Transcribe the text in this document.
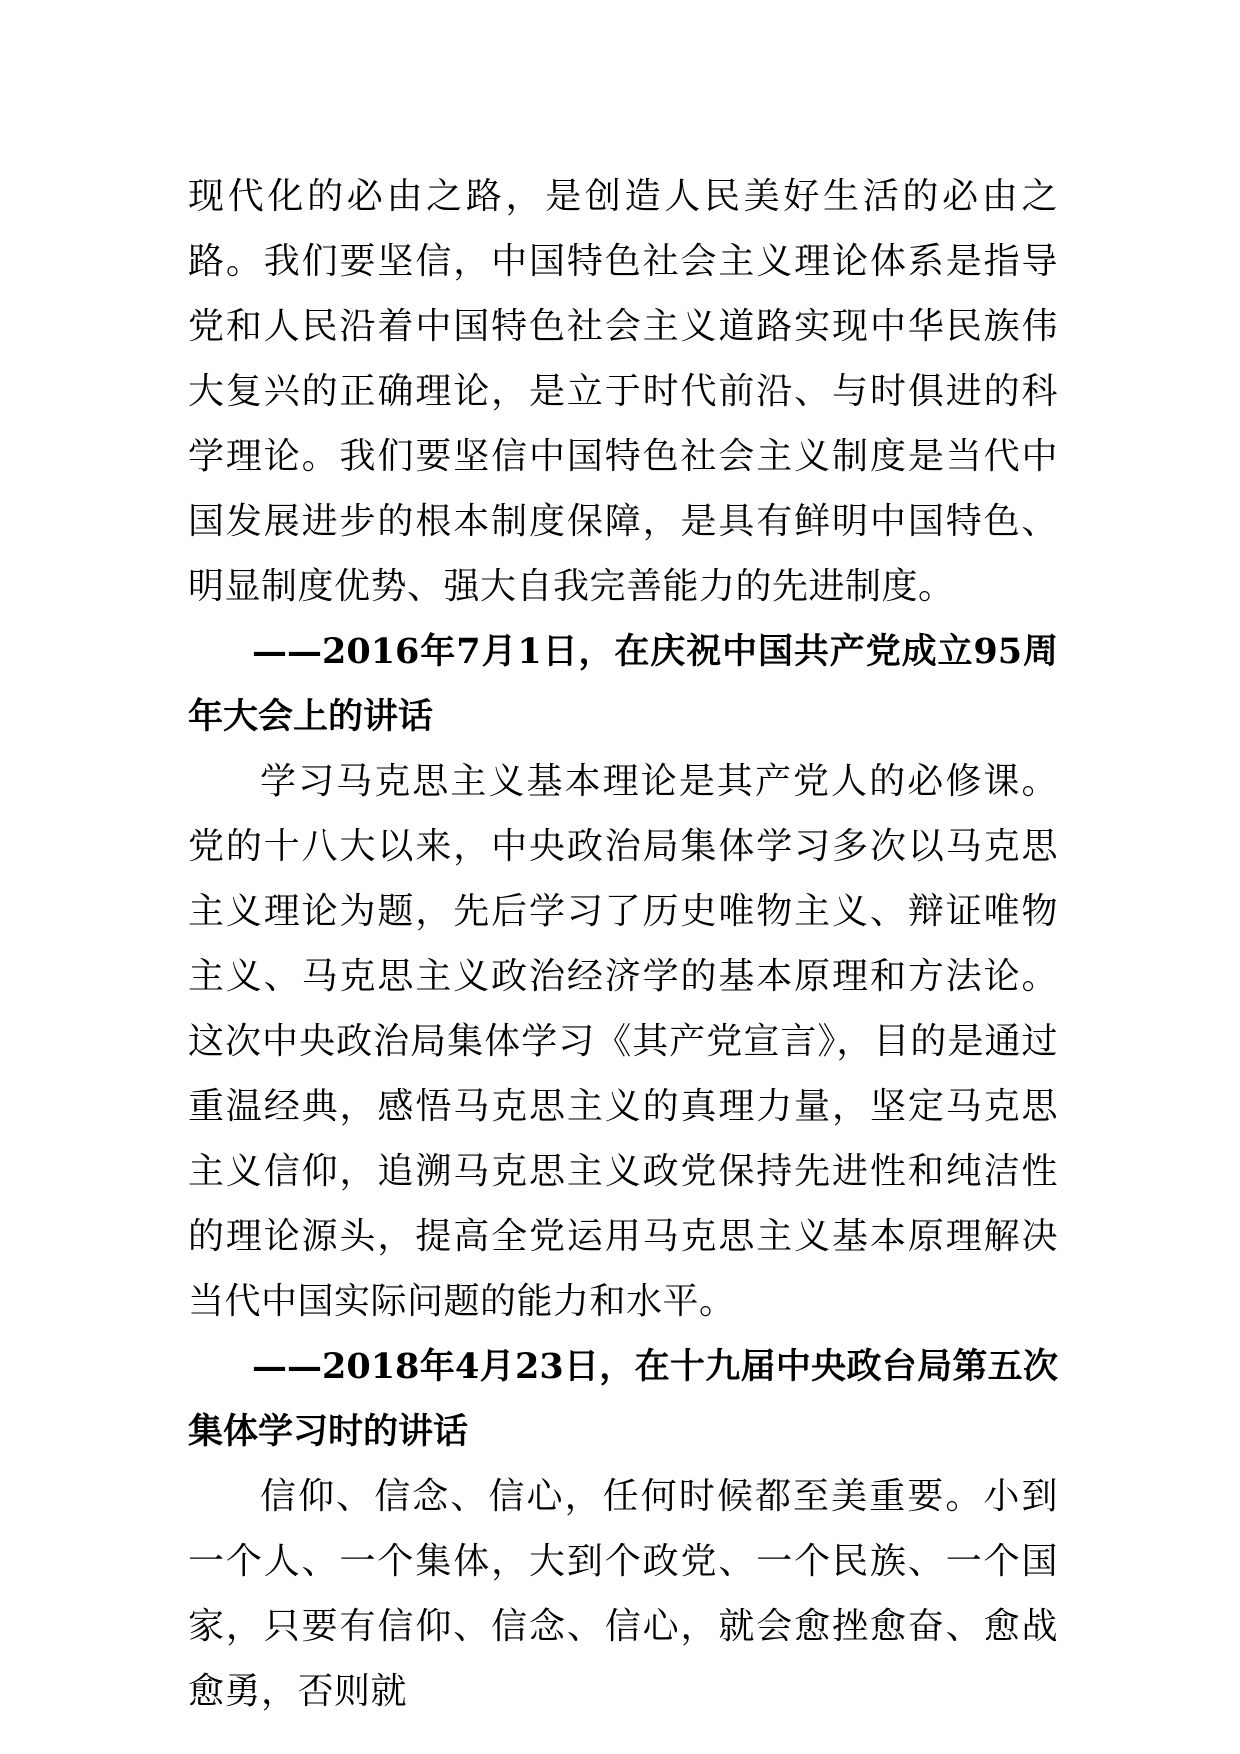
现代化的必由之路，是创造人民美好生活的必由之路。我们要坚信，中国特色社会主义理论体系是指导党和人民沿着中国特色社会主义道路实现中华民族伟大复兴的正确理论，是立于时代前沿、与时俱进的科学理论。我们要坚信中国特色社会主义制度是当代中国发展进步的根本制度保障，是具有鲜明中国特色、明显制度优势、强大自我完善能力的先进制度。

——2016年7月1日，在庆祝中国共产党成立95周年大会上的讲话

学习马克思主义基本理论是其产党人的必修课。党的十八大以来，中央政治局集体学习多次以马克思主义理论为题，先后学习了历史唯物主义、辩证唯物主义、马克思主义政治经济学的基本原理和方法论。这次中央政治局集体学习《其产党宣言》，目的是通过重温经典，感悟马克思主义的真理力量，坚定马克思主义信仰，追溯马克思主义政党保持先进性和纯洁性的理论源头，提高全党运用马克思主义基本原理解决当代中国实际问题的能力和水平。

——2018年4月23日，在十九届中央政台局第五次集体学习时的讲话

信仰、信念、信心，任何时候都至美重要。小到一个人、一个集体，大到个政党、一个民族、一个国家，只要有信仰、信念、信心，就会愈挫愈奋、愈战愈勇，否则就
